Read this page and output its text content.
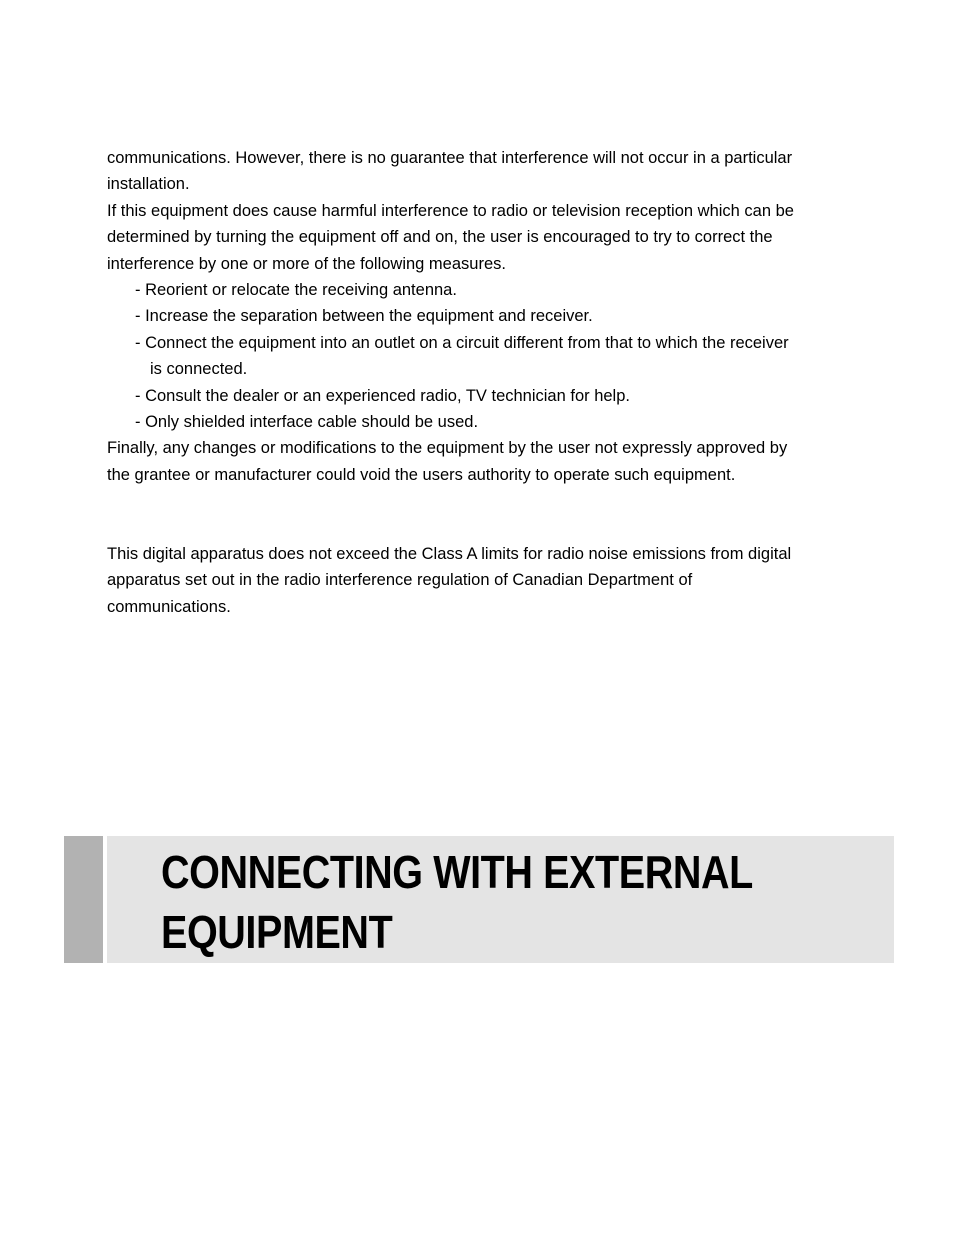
communications. However, there is no guarantee that interference will not occur in a particular
installation.
If this equipment does cause harmful interference to radio or television reception which can be
determined by turning the equipment off and on, the user is encouraged to try to correct the
interference by one or more of the following measures.
- Reorient or relocate the receiving antenna.
- Increase the separation between the equipment and receiver.
- Connect the equipment into an outlet on a circuit different from that to which the receiver
is connected.
- Consult the dealer or an experienced radio, TV technician for help.
- Only shielded interface cable should be used.
Finally, any changes or modifications to the equipment by the user not expressly approved by
the grantee or manufacturer could void the users authority to operate such equipment.
This digital apparatus does not exceed the Class A limits for radio noise emissions from digital
apparatus set out in the radio interference regulation of Canadian Department of
communications.
CONNECTING WITH EXTERNAL
EQUIPMENT
